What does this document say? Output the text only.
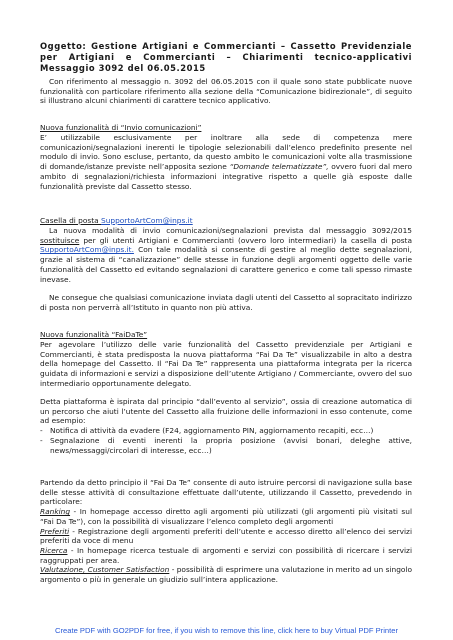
Oggetto: Gestione Artigiani e Commercianti – Cassetto Previdenziale per Artigiani e Commercianti – Chiarimenti tecnico-applicativi Messaggio 3092 del 06.05.2015
Con riferimento al messaggio n. 3092 del 06.05.2015 con il quale sono state pubblicate nuove funzionalità con particolare riferimento alla sezione della “Comunicazione bidirezionale”, di seguito si illustrano alcuni chiarimenti di carattere tecnico applicativo.
Nuova funzionalità di “Invio comunicazioni”
E’ utilizzabile esclusivamente per inoltrare alla sede di competenza mere comunicazioni/segnalazioni inerenti le tipologie selezionabili dall’elenco predefinito presente nel modulo di invio. Sono escluse, pertanto, da questo ambito le comunicazioni volte alla trasmissione di domande/istanze previste nell’apposita sezione “Domande telematizzate”, ovvero fuori dal mero ambito di segnalazioni/richiesta informazioni integrative rispetto a quelle già esposte dalle funzionalità previste dal Cassetto stesso.
Casella di posta SupportoArtCom@inps.it
La nuova modalità di invio comunicazioni/segnalazioni prevista dal messaggio 3092/2015 sostituisce per gli utenti Artigiani e Commercianti (ovvero loro intermediari) la casella di posta SupportoArtCom@inps.it. Con tale modalità si consente di gestire al meglio dette segnalazioni, grazie al sistema di “canalizzazione” delle stesse in funzione degli argomenti oggetto delle varie funzionalità del Cassetto ed evitando segnalazioni di carattere generico e come tali spesso rimaste inevase.
Ne consegue che qualsiasi comunicazione inviata dagli utenti del Cassetto al sopracitato indirizzo di posta non perverrà all’Istituto in quanto non più attiva.
Nuova funzionalità “FaiDaTe”
Per agevolare l’utilizzo delle varie funzionalità del Cassetto previdenziale per Artigiani e Commercianti, è stata predisposta la nuova piattaforma “Fai Da Te” visualizzabile in alto a destra della homepage del Cassetto. Il “Fai Da Te” rappresenta una piattaforma integrata per la ricerca guidata di informazioni e servizi a disposizione dell’utente Artigiano / Commerciante, ovvero del suo intermediario opportunamente delegato.
Detta piattaforma è ispirata dal principio “dall’evento al servizio”, ossia di creazione automatica di un percorso che aiuti l’utente del Cassetto alla fruizione delle informazioni in esso contenute, come ad esempio:
- Notifica di attività da evadere (F24, aggiornamento PIN, aggiornamento recapiti, ecc…)
- Segnalazione di eventi inerenti la propria posizione (avvisi bonari, deleghe attive, news/messaggi/circolari di interesse, ecc…)
Partendo da detto principio il “Fai Da Te” consente di auto istruire percorsi di navigazione sulla base delle stesse attività di consultazione effettuate dall’utente, utilizzando il Cassetto, prevedendo in particolare:
Ranking - In homepage accesso diretto agli argomenti più utilizzati (gli argomenti più visitati sul “Fai Da Te”), con la possibilità di visualizzare l’elenco completo degli argomenti
Preferiti - Registrazione degli argomenti preferiti dell’utente e accesso diretto all’elenco dei servizi preferiti da voce di menu
Ricerca - In homepage ricerca testuale di argomenti e servizi con possibilità di ricercare i servizi raggruppati per area.
Valutazione, Customer Satisfaction - possibilità di esprimere una valutazione in merito ad un singolo argomento o più in generale un giudizio sull’intera applicazione.
Create PDF with GO2PDF for free, if you wish to remove this line, click here to buy Virtual PDF Printer
